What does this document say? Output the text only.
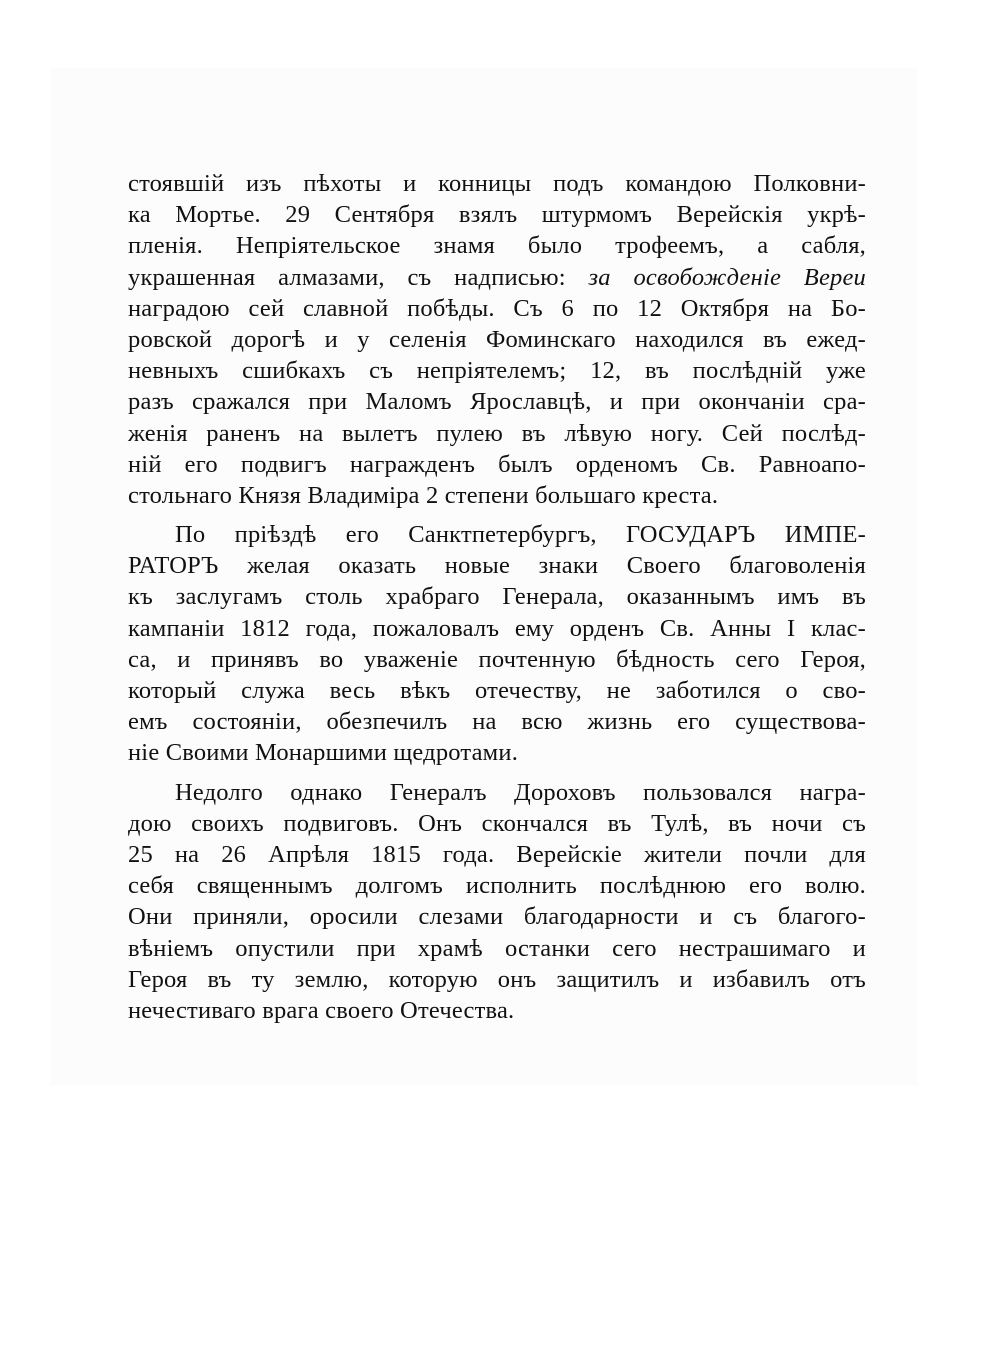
стоявшій изъ пѣхоты и конницы подъ командою Полковни-
ка Мортье. 29 Сентября взялъ штурмомъ Верейскія укрѣ-
пленія. Непріятельское знамя было трофеемъ, а сабля,
украшенная алмазами, съ надписью: за освобожденіе Вереи
наградою сей славной побѣды. Съ 6 по 12 Октября на Бо-
ровской дорогѣ и у селенія Фоминскаго находился въ ежед-
невныхъ сшибкахъ съ непріятелемъ; 12, въ послѣдній уже
разъ сражался при Маломъ Ярославцѣ, и при окончаніи сра-
женія раненъ на вылетъ пулею въ лѣвую ногу. Сей послѣд-
ній его подвигъ награжденъ былъ орденомъ Св. Равноапо-
стольнаго Князя Владиміра 2 степени большаго креста.
По пріѣздѣ его Санктпетербургъ, ГОСУДАРЪ ИМПЕ-
РАТОРЪ желая оказать новые знаки Своего благоволенія
къ заслугамъ столь храбраго Генерала, оказаннымъ имъ въ
кампаніи 1812 года, пожаловалъ ему орденъ Св. Анны I клас-
са, и принявъ во уваженіе почтенную бѣдность сего Героя,
который служа весь вѣкъ отечеству, не заботился о сво-
емъ состояніи, обезпечилъ на всю жизнь его существова-
ніе Своими Монаршими щедротами.
Недолго однако Генералъ Дороховъ пользовался награ-
дою своихъ подвиговъ. Онъ скончался въ Тулѣ, въ ночи съ
25 на 26 Апрѣля 1815 года. Верейскіе жители почли для
себя священнымъ долгомъ исполнить послѣднюю его волю.
Они приняли, оросили слезами благодарности и съ благого-
вѣніемъ опустили при храмѣ останки сего нестрашимаго и
Героя въ ту землю, которую онъ защитилъ и избавилъ отъ
нечестиваго врага своего Отечества.
